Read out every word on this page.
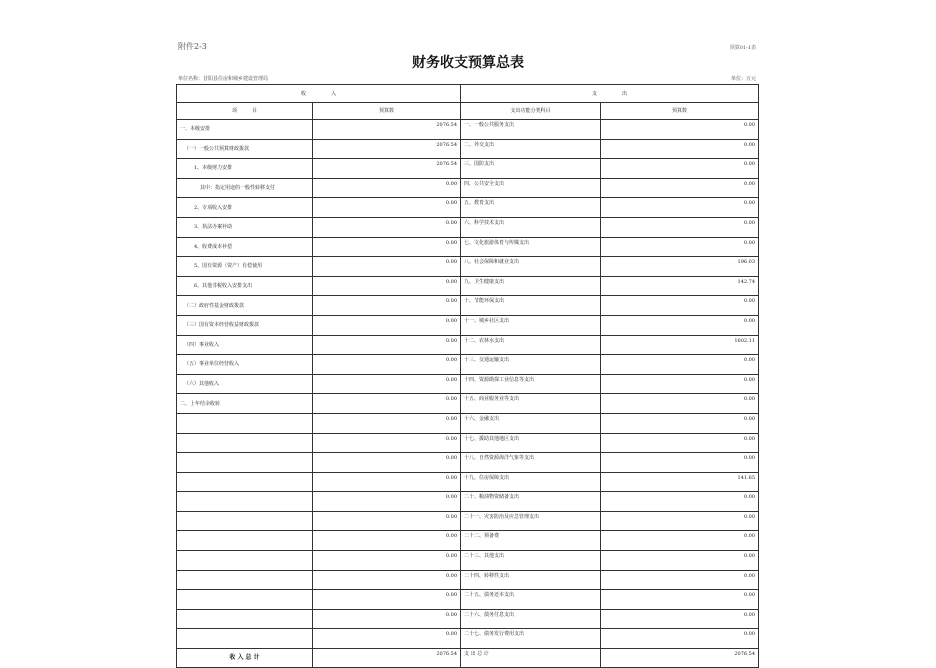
附件2-3	预算01-1表
财务收支预算总表
单位名称：昔阳县住房和城乡建设管理局	单位：万元
收　　　　　入		支　　　　　出	
项　　　目	预算数	支出功能分类科目	预算数
一、本级安排	2076.54	一、一般公共服务支出	0.00
（一）一般公共预算财政拨款	2076.54	二、外交支出	0.00
1、本级财力安排	2076.54	三、国防支出	0.00
其中：指定用途的一般性转移支付	0.00	四、公共安全支出	0.00
2、专项收入安排	0.00	五、教育支出	0.00
3、执法办案补助	0.00	六、科学技术支出	0.00
4、收费成本补偿	0.00	七、文化旅游体育与传媒支出	0.00
5、国有资源（资产）有偿使用	0.00	八、社会保障和就业支出	196.03
6、其他非税收入安排支出	0.00	九、卫生健康支出	142.74
（二）政府性基金财政拨款	0.00	十、节能环保支出	0.00
（三）国有资本经营收益财政拨款	0.00	十一、城乡社区支出	0.00
（四）事业收入	0.00	十二、农林水支出	1602.11
（五）事业单位经营收入	0.00	十三、交通运输支出	0.00
（六）其他收入	0.00	十四、资源勘探工业信息等支出	0.00
二、上年结余收转	0.00	十五、商业服务业等支出	0.00
	0.00	十六、金融支出	0.00
	0.00	十七、援助其他地区支出	0.00
	0.00	十八、自然资源海洋气象等支出	0.00
	0.00	十九、住房保障支出	141.65
	0.00	二十、粮油物资储备支出	0.00
	0.00	二十一、灾害防治及应急管理支出	0.00
	0.00	二十二、预备费	0.00
	0.00	二十三、其他支出	0.00
	0.00	二十四、转移性支出	0.00
	0.00	二十五、债务还本支出	0.00
	0.00	二十六、债务付息支出	0.00
	0.00	二十七、债务发行费用支出	0.00
收 入 总 计	2076.54	支 出 总 计	2076.54
